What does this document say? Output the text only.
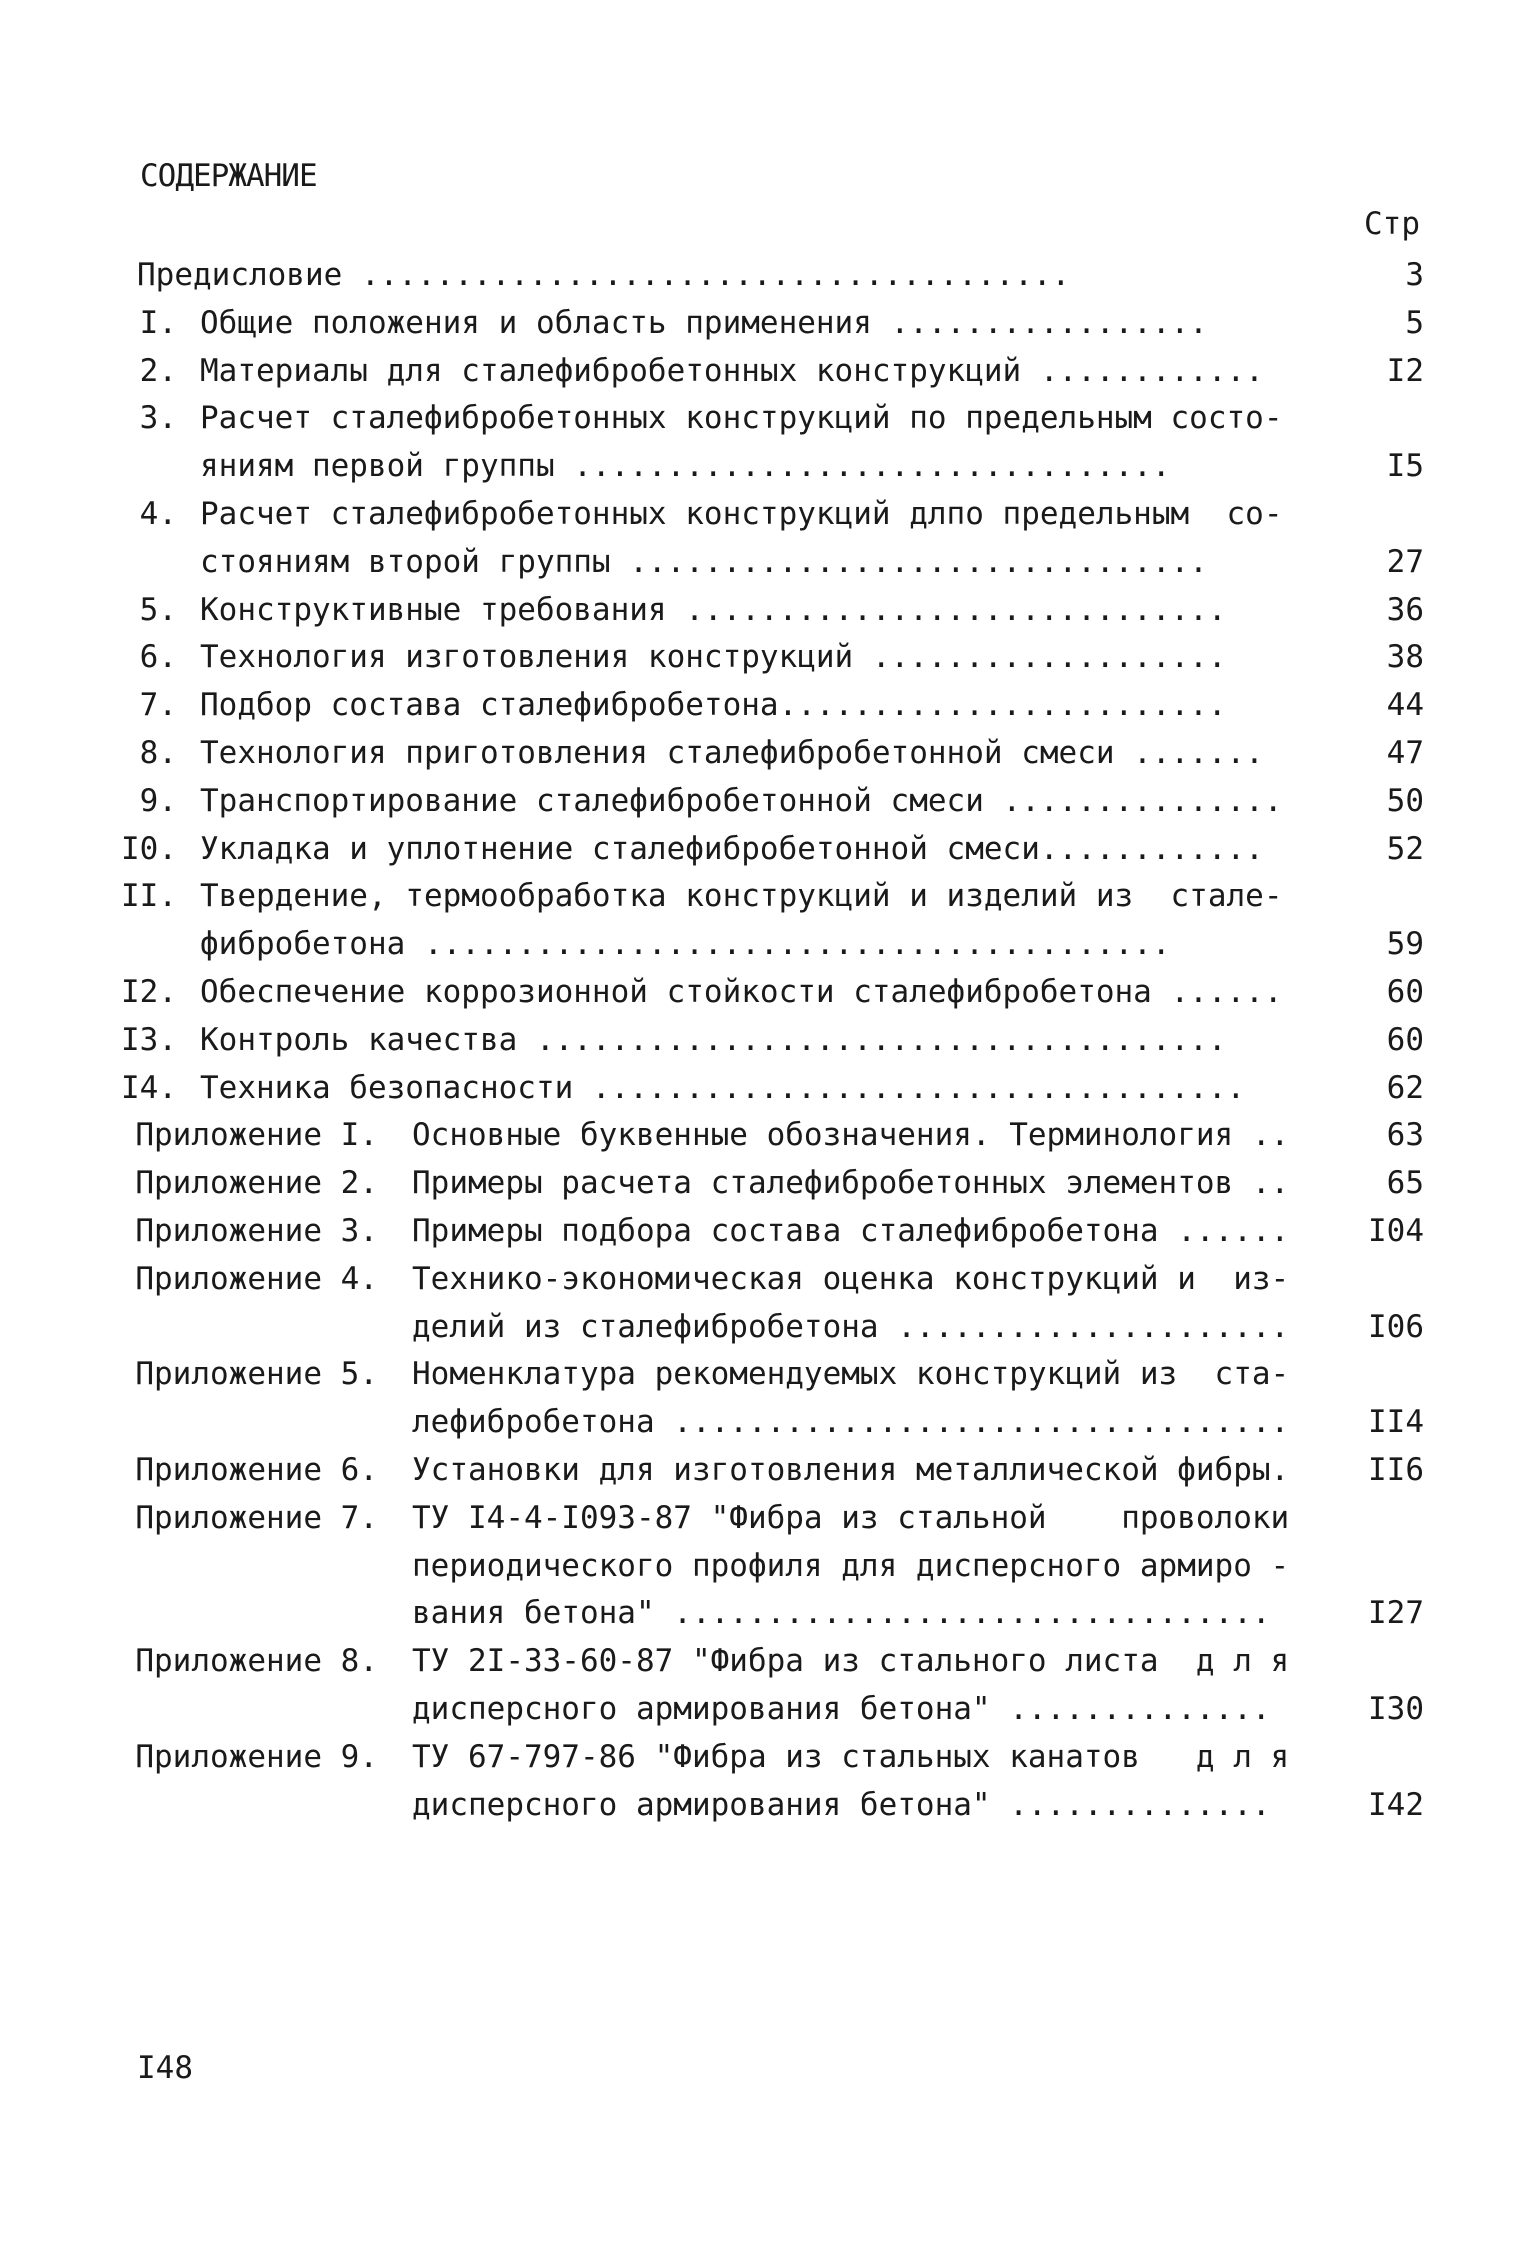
СОДЕРЖАНИЕ
Стр
Предисловие ......................................	3
I. Общие положения и область применения .................	5
2. Материалы для сталефибробетонных конструкций ............	I2
3. Расчет сталефибробетонных конструкций по предельным состо-
яниям первой группы ................................	I5
4. Расчет сталефибробетонных конструкций длпо предельным  со-
стояниям второй группы ...............................	27
5. Конструктивные требования .............................	36
6. Технология изготовления конструкций ...................	38
7. Подбор состава сталефибробетона........................	44
8. Технология приготовления сталефибробетонной смеси .......	47
9. Транспортирование сталефибробетонной смеси ...............	50
I0. Укладка и уплотнение сталефибробетонной смеси............	52
II. Твердение, термообработка конструкций и изделий из  стале-
фибробетона ........................................	59
I2. Обеспечение коррозионной стойкости сталефибробетона ......	60
I3. Контроль качества .....................................	60
I4. Техника безопасности ...................................	62
Приложение I. Основные буквенные обозначения. Терминология ..	63
Приложение 2. Примеры расчета сталефибробетонных элементов ..	65
Приложение 3. Примеры подбора состава сталефибробетона ......	I04
Приложение 4. Технико-экономическая оценка конструкций и  из-
делий из сталефибробетона .....................	I06
Приложение 5. Номенклатура рекомендуемых конструкций из  ста-
лефибробетона .................................	II4
Приложение 6. Установки для изготовления металлической фибры.	II6
Приложение 7. ТУ I4-4-I093-87 "Фибра из стальной    проволоки
периодического профиля для дисперсного армиро -
вания бетона" ................................	I27
Приложение 8. ТУ 2I-33-60-87 "Фибра из стального листа  д л я
дисперсного армирования бетона" ..............	I30
Приложение 9. ТУ 67-797-86 "Фибра из стальных канатов   д л я
дисперсного армирования бетона" ..............	I42
I48
